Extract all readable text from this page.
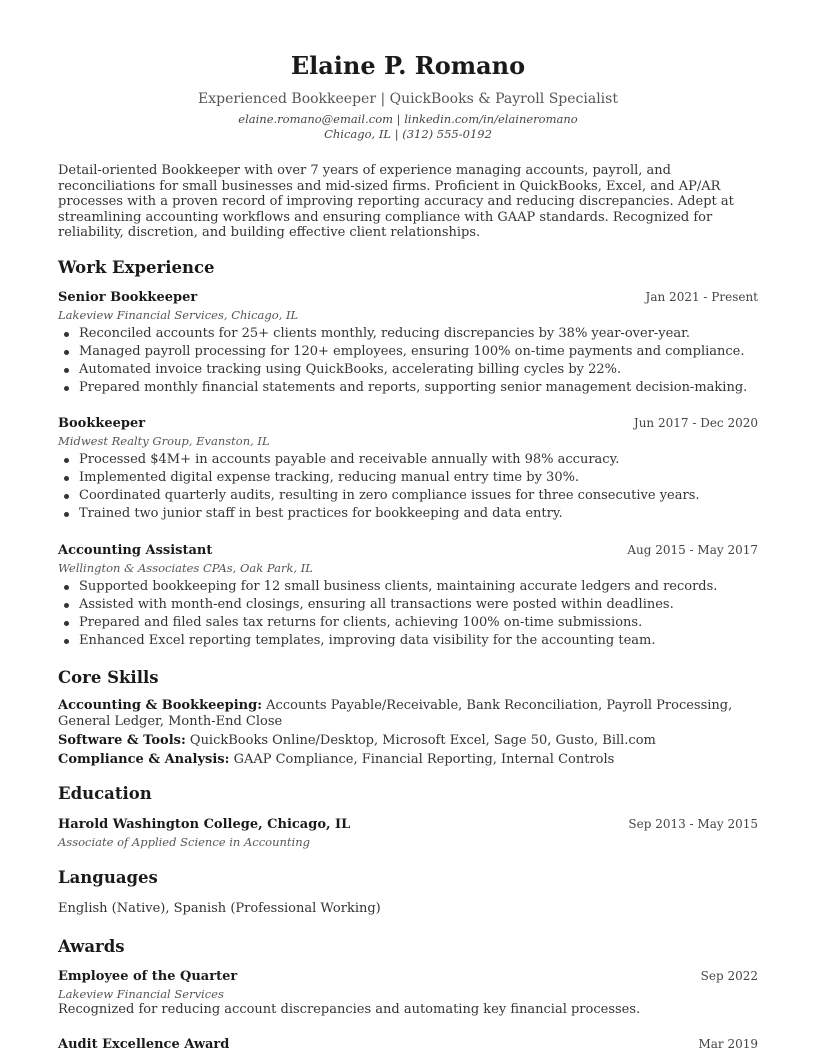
Elaine P. Romano
Experienced Bookkeeper | QuickBooks & Payroll Specialist
elaine.romano@email.com | linkedin.com/in/elaineromano
Chicago, IL | (312) 555-0192

Detail-oriented Bookkeeper with over 7 years of experience managing accounts, payroll, and reconciliations for small businesses and mid-sized firms. Proficient in QuickBooks, Excel, and AP/AR processes with a proven record of improving reporting accuracy and reducing discrepancies. Adept at streamlining accounting workflows and ensuring compliance with GAAP standards. Recognized for reliability, discretion, and building effective client relationships.

Work Experience
Senior Bookkeeper	Jan 2021 - Present
Lakeview Financial Services, Chicago, IL
Reconciled accounts for 25+ clients monthly, reducing discrepancies by 38% year-over-year.
Managed payroll processing for 120+ employees, ensuring 100% on-time payments and compliance.
Automated invoice tracking using QuickBooks, accelerating billing cycles by 22%.
Prepared monthly financial statements and reports, supporting senior management decision-making.
Bookkeeper	Jun 2017 - Dec 2020
Midwest Realty Group, Evanston, IL
Processed $4M+ in accounts payable and receivable annually with 98% accuracy.
Implemented digital expense tracking, reducing manual entry time by 30%.
Coordinated quarterly audits, resulting in zero compliance issues for three consecutive years.
Trained two junior staff in best practices for bookkeeping and data entry.
Accounting Assistant	Aug 2015 - May 2017
Wellington & Associates CPAs, Oak Park, IL
Supported bookkeeping for 12 small business clients, maintaining accurate ledgers and records.
Assisted with month-end closings, ensuring all transactions were posted within deadlines.
Prepared and filed sales tax returns for clients, achieving 100% on-time submissions.
Enhanced Excel reporting templates, improving data visibility for the accounting team.
Core Skills
Accounting & Bookkeeping: Accounts Payable/Receivable, Bank Reconciliation, Payroll Processing, General Ledger, Month-End Close
Software & Tools: QuickBooks Online/Desktop, Microsoft Excel, Sage 50, Gusto, Bill.com
Compliance & Analysis: GAAP Compliance, Financial Reporting, Internal Controls
Education
Harold Washington College, Chicago, IL	Sep 2013 - May 2015
Associate of Applied Science in Accounting
Languages
English (Native), Spanish (Professional Working)
Awards
Employee of the Quarter	Sep 2022
Lakeview Financial Services
Recognized for reducing account discrepancies and automating key financial processes.
Audit Excellence Award	Mar 2019
